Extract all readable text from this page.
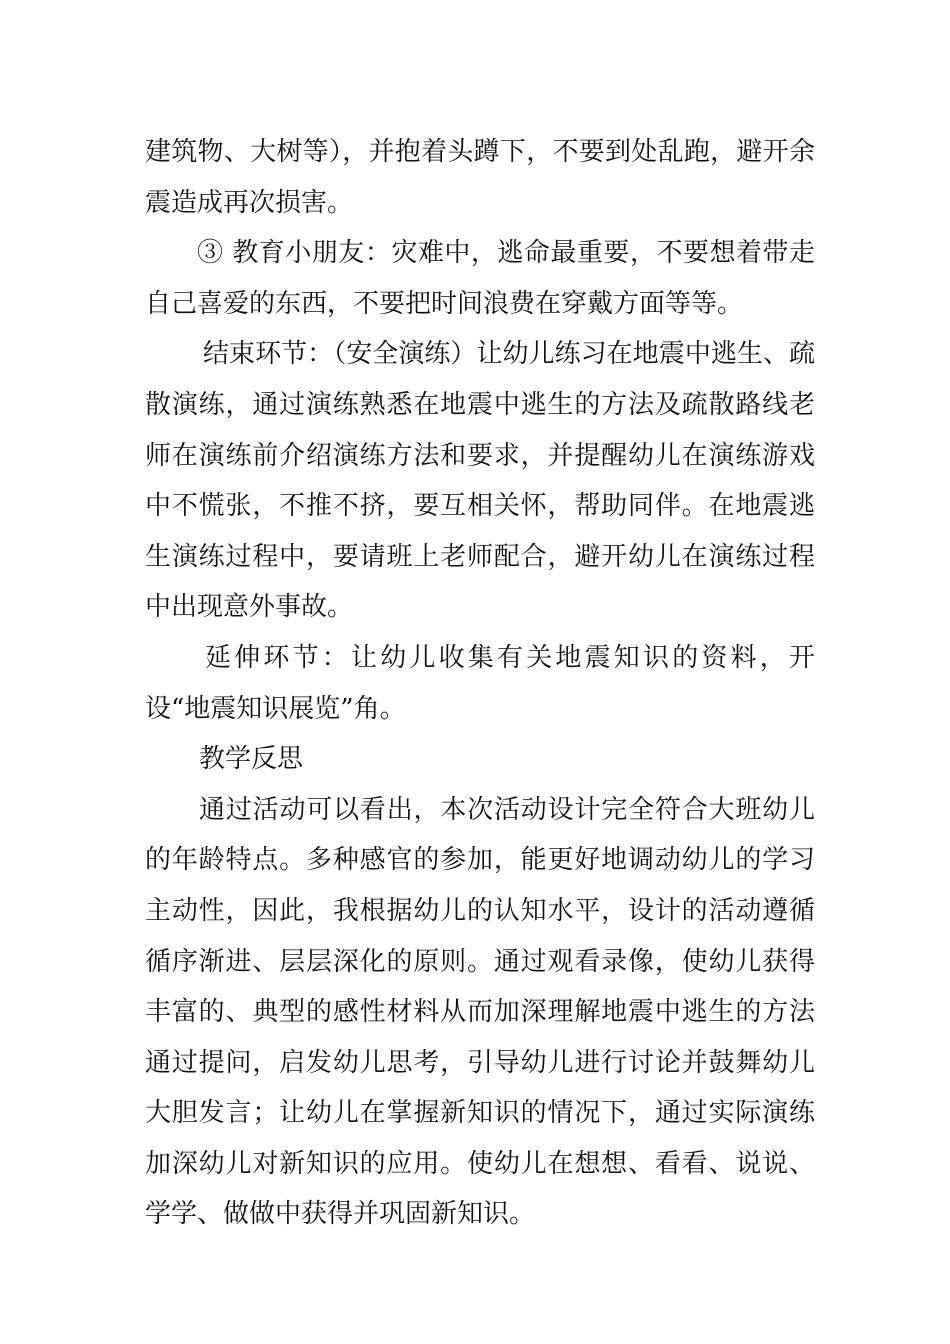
建筑物、大树等），并抱着头蹲下，不要到处乱跑，避开余震造成再次损害。

③ 教育小朋友：灾难中，逃命最重要，不要想着带走自己喜爱的东西，不要把时间浪费在穿戴方面等等。

结束环节：（安全演练）让幼儿练习在地震中逃生、疏散演练，通过演练熟悉在地震中逃生的方法及疏散路线老师在演练前介绍演练方法和要求，并提醒幼儿在演练游戏中不慌张，不推不挤，要互相关怀，帮助同伴。在地震逃生演练过程中，要请班上老师配合，避开幼儿在演练过程中出现意外事故。

延伸环节：让幼儿收集有关地震知识的资料，开设“地震知识展览”角。

教学反思

通过活动可以看出，本次活动设计完全符合大班幼儿的年龄特点。多种感官的参加，能更好地调动幼儿的学习主动性，因此，我根据幼儿的认知水平，设计的活动遵循循序渐进、层层深化的原则。通过观看录像，使幼儿获得丰富的、典型的感性材料从而加深理解地震中逃生的方法通过提问，启发幼儿思考，引导幼儿进行讨论并鼓舞幼儿大胆发言；让幼儿在掌握新知识的情况下，通过实际演练加深幼儿对新知识的应用。使幼儿在想想、看看、说说、学学、做做中获得并巩固新知识。
